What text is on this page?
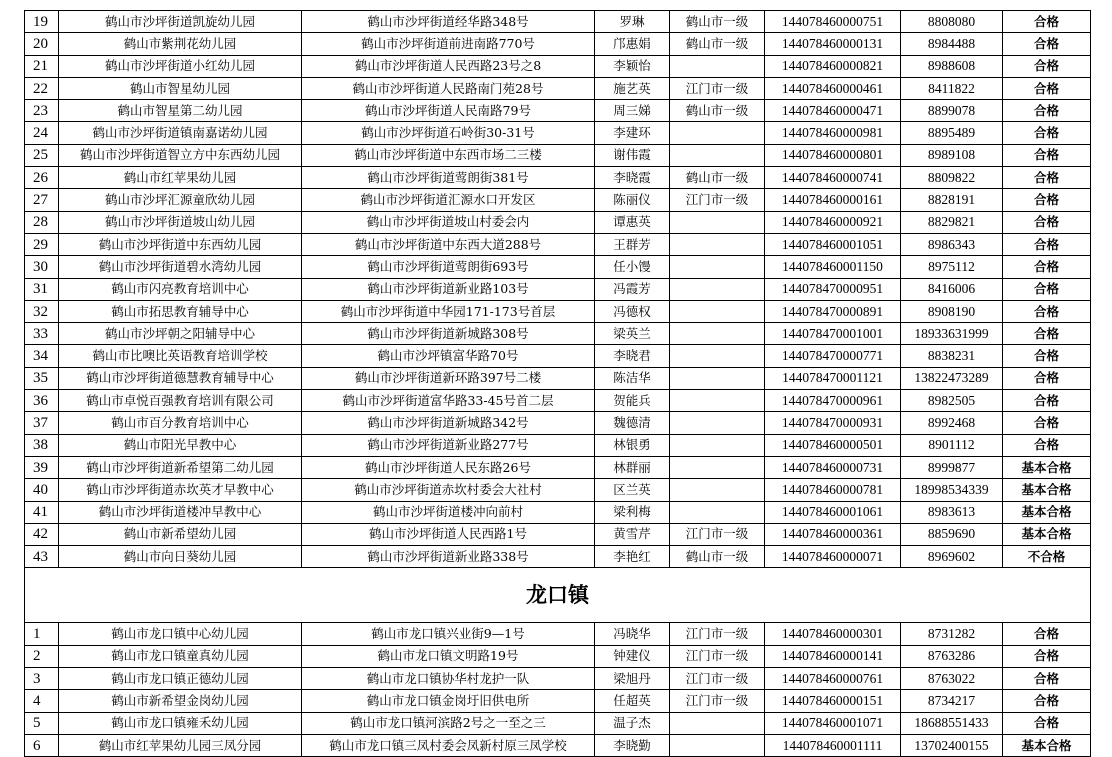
19	鹤山市沙坪街道凯旋幼儿园	鹤山市沙坪街道经华路348号	罗琳	鹤山市一级	144078460000751	8808080	合格
20	鹤山市紫荆花幼儿园	鹤山市沙坪街道前进南路770号	邝惠娟	鹤山市一级	144078460000131	8984488	合格
21	鹤山市沙坪街道小红幼儿园	鹤山市沙坪街道人民西路23号之8	李颖怡		144078460000821	8988608	合格
22	鹤山市智星幼儿园	鹤山市沙坪街道人民路南门苑28号	施艺英	江门市一级	144078460000461	8411822	合格
23	鹤山市智星第二幼儿园	鹤山市沙坪街道人民南路79号	周三娣	鹤山市一级	144078460000471	8899078	合格
24	鹤山市沙坪街道镇南嘉诺幼儿园	鹤山市沙坪街道石岭街30-31号	李建环		144078460000981	8895489	合格
25	鹤山市沙坪街道智立方中东西幼儿园	鹤山市沙坪街道中东西市场二三楼	谢伟霞		144078460000801	8989108	合格
26	鹤山市红苹果幼儿园	鹤山市沙坪街道莺朗街381号	李晓霞	鹤山市一级	144078460000741	8809822	合格
27	鹤山市沙坪汇源童欣幼儿园	鹤山市沙坪街道汇源水口开发区	陈丽仪	江门市一级	144078460000161	8828191	合格
28	鹤山市沙坪街道坡山幼儿园	鹤山市沙坪街道坡山村委会内	谭惠英		144078460000921	8829821	合格
29	鹤山市沙坪街道中东西幼儿园	鹤山市沙坪街道中东西大道288号	王群芳		144078460001051	8986343	合格
30	鹤山市沙坪街道碧水湾幼儿园	鹤山市沙坪街道莺朗街693号	任小馒		144078460001150	8975112	合格
31	鹤山市闪亮教育培训中心	鹤山市沙坪街道新业路103号	冯霞芳		144078470000951	8416006	合格
32	鹤山市拓思教育辅导中心	鹤山市沙坪街道中华园171-173号首层	冯德权		144078470000891	8908190	合格
33	鹤山市沙坪朝之阳辅导中心	鹤山市沙坪街道新城路308号	梁英兰		144078470001001	18933631999	合格
34	鹤山市比噢比英语教育培训学校	鹤山市沙坪镇富华路70号	李晓君		144078470000771	8838231	合格
35	鹤山市沙坪街道德慧教育辅导中心	鹤山市沙坪街道新环路397号二楼	陈洁华		144078470001121	13822473289	合格
36	鹤山市卓悦百强教育培训有限公司	鹤山市沙坪街道富华路33-45号首二层	贺能兵		144078470000961	8982505	合格
37	鹤山市百分教育培训中心	鹤山市沙坪街道新城路342号	魏德清		144078470000931	8992468	合格
38	鹤山市阳光早教中心	鹤山市沙坪街道新业路277号	林银勇		144078460000501	8901112	合格
39	鹤山市沙坪街道新希望第二幼儿园	鹤山市沙坪街道人民东路26号	林群丽		144078460000731	8999877	基本合格
40	鹤山市沙坪街道赤坎英才早教中心	鹤山市沙坪街道赤坎村委会大社村	区兰英		144078460000781	18998534339	基本合格
41	鹤山市沙坪街道楼冲早教中心	鹤山市沙坪街道楼冲向前村	梁利梅		144078460001061	8983613	基本合格
42	鹤山市新希望幼儿园	鹤山市沙坪街道人民西路1号	黄雪芹	江门市一级	144078460000361	8859690	基本合格
43	鹤山市向日葵幼儿园	鹤山市沙坪街道新业路338号	李艳红	鹤山市一级	144078460000071	8969602	不合格
龙口镇							
1	鹤山市龙口镇中心幼儿园	鹤山市龙口镇兴业街9—1号	冯晓华	江门市一级	144078460000301	8731282	合格
2	鹤山市龙口镇童真幼儿园	鹤山市龙口镇文明路19号	钟建仪	江门市一级	144078460000141	8763286	合格
3	鹤山市龙口镇正德幼儿园	鹤山市龙口镇协华村龙护一队	梁旭丹	江门市一级	144078460000761	8763022	合格
4	鹤山市新希望金岗幼儿园	鹤山市龙口镇金岗圩旧供电所	任超英	江门市一级	144078460000151	8734217	合格
5	鹤山市龙口镇雍禾幼儿园	鹤山市龙口镇河滨路2号之一至之三	温子杰		144078460001071	18688551433	合格
6	鹤山市红苹果幼儿园三凤分园	鹤山市龙口镇三凤村委会凤新村原三凤学校	李晓勤		144078460001111	13702400155	基本合格
